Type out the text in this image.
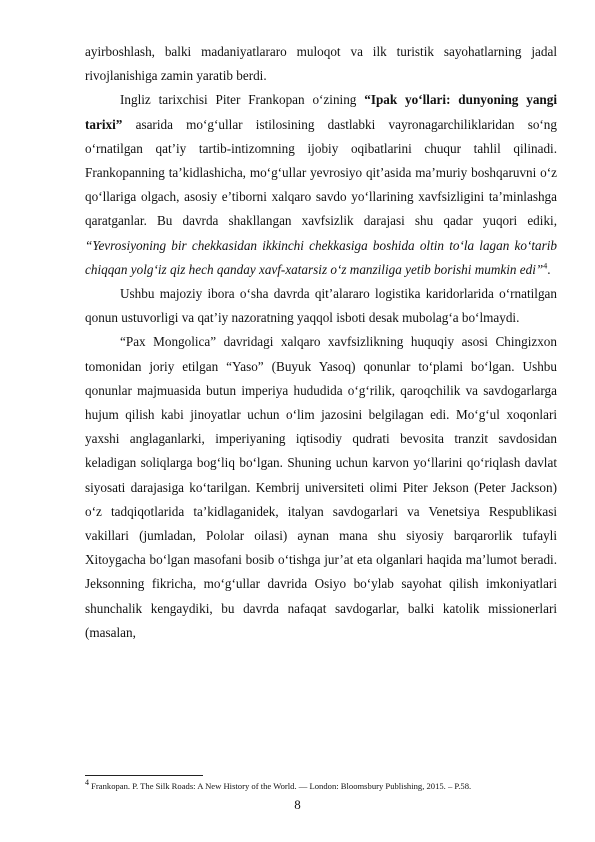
ayirboshlash, balki madaniyatlararo muloqot va ilk turistik sayohatlarning jadal rivojlanishiga zamin yaratib berdi.

Ingliz tarixchisi Piter Frankopan o‘zining “Ipak yo‘llari: dunyoning yangi tarixi” asarida mo‘g‘ullar istilosining dastlabki vayronagarchiliklaridan so‘ng o‘rnatilgan qat’iy tartib-intizomning ijobiy oqibatlarini chuqur tahlil qilinadi. Frankopanning ta’kidlashicha, mo‘g‘ullar yevrosiyo qit’asida ma’muriy boshqaruvni o‘z qo‘llariga olgach, asosiy e’tiborni xalqaro savdo yo‘llarining xavfsizligini ta’minlashga qaratganlar. Bu davrda shakllangan xavfsizlik darajasi shu qadar yuqori ediki, “Yevrosiyoning bir chekkasidan ikkinchi chekkasiga boshida oltin to‘la lagan ko‘tarib chiqqan yolg‘iz qiz hech qanday xavf-xatarsiz o‘z manziliga yetib borishi mumkin edi”$^4$.

Ushbu majoziy ibora o‘sha davrda qit’alararo logistika karidorlarida o‘rnatilgan qonun ustuvorligi va qat’iy nazoratning yaqqol isboti desak mubolag‘a bo‘lmaydi.

“Pax Mongolica” davridagi xalqaro xavfsizlikning huquqiy asosi Chingizxon tomonidan joriy etilgan “Yaso” (Buyuk Yasoq) qonunlar to‘plami bo‘lgan. Ushbu qonunlar majmuasida butun imperiya hududida o‘g‘rilik, qaroqchilik va savdogarlarga hujum qilish kabi jinoyatlar uchun o‘lim jazosini belgilagan edi. Mo‘g‘ul xoqonlari yaxshi anglaganlarki, imperiyaning iqtisodiy qudrati bevosita tranzit savdosidan keladigan soliqlarga bog‘liq bo‘lgan. Shuning uchun karvon yo‘llarini qo‘riqlash davlat siyosati darajasiga ko‘tarilgan. Kembrij universiteti olimi Piter Jekson (Peter Jackson) o‘z tadqiqotlarida ta’kidlaganidek, italyan savdogarlari va Venetsiya Respublikasi vakillari (jumladan, Pololar oilasi) aynan mana shu siyosiy barqarorlik tufayli Xitoygacha bo‘lgan masofani bosib o‘tishga jur’at eta olganlari haqida ma’lumot beradi. Jeksonning fikricha, mo‘g‘ullar davrida Osiyo bo‘ylab sayohat qilish imkoniyatlari shunchalik kengaydiki, bu davrda nafaqat savdogarlar, balki katolik missionerlari (masalan,

$^4$ Frankopan. P. The Silk Roads: A New History of the World. — London: Bloomsbury Publishing, 2015. – P.58.
8
